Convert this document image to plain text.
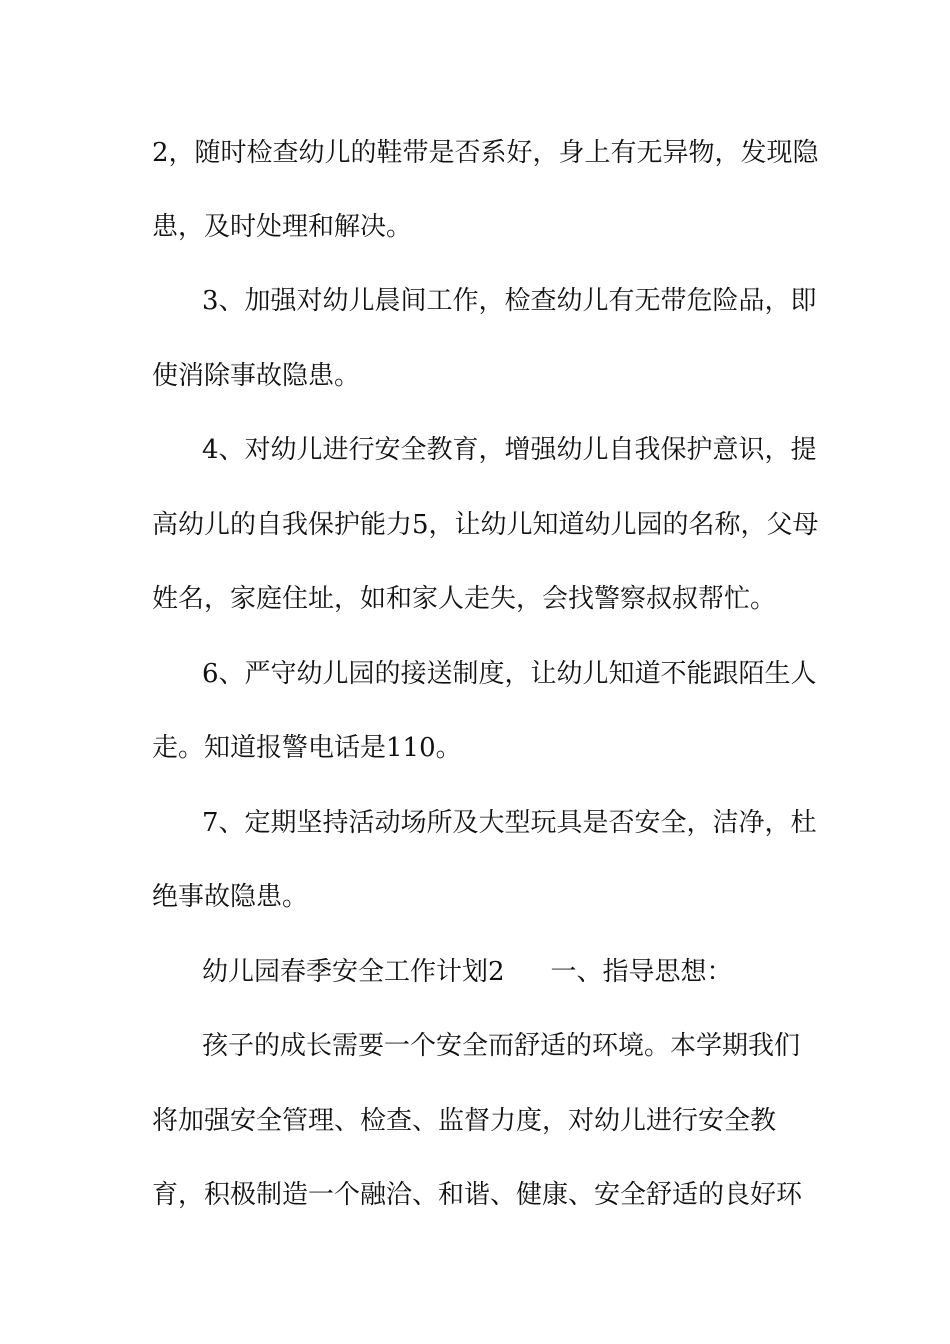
2，随时检查幼儿的鞋带是否系好，身上有无异物，发现隐
患，及时处理和解决。
3、加强对幼儿晨间工作，检查幼儿有无带危险品，即
使消除事故隐患。
4、对幼儿进行安全教育，增强幼儿自我保护意识，提
高幼儿的自我保护能力5，让幼儿知道幼儿园的名称，父母
姓名，家庭住址，如和家人走失，会找警察叔叔帮忙。
6、严守幼儿园的接送制度，让幼儿知道不能跟陌生人
走。知道报警电话是110。
7、定期坚持活动场所及大型玩具是否安全，洁净，杜
绝事故隐患。
幼儿园春季安全工作计划2 一、指导思想：
孩子的成长需要一个安全而舒适的环境。本学期我们
将加强安全管理、检查、监督力度，对幼儿进行安全教
育，积极制造一个融洽、和谐、健康、安全舒适的良好环
